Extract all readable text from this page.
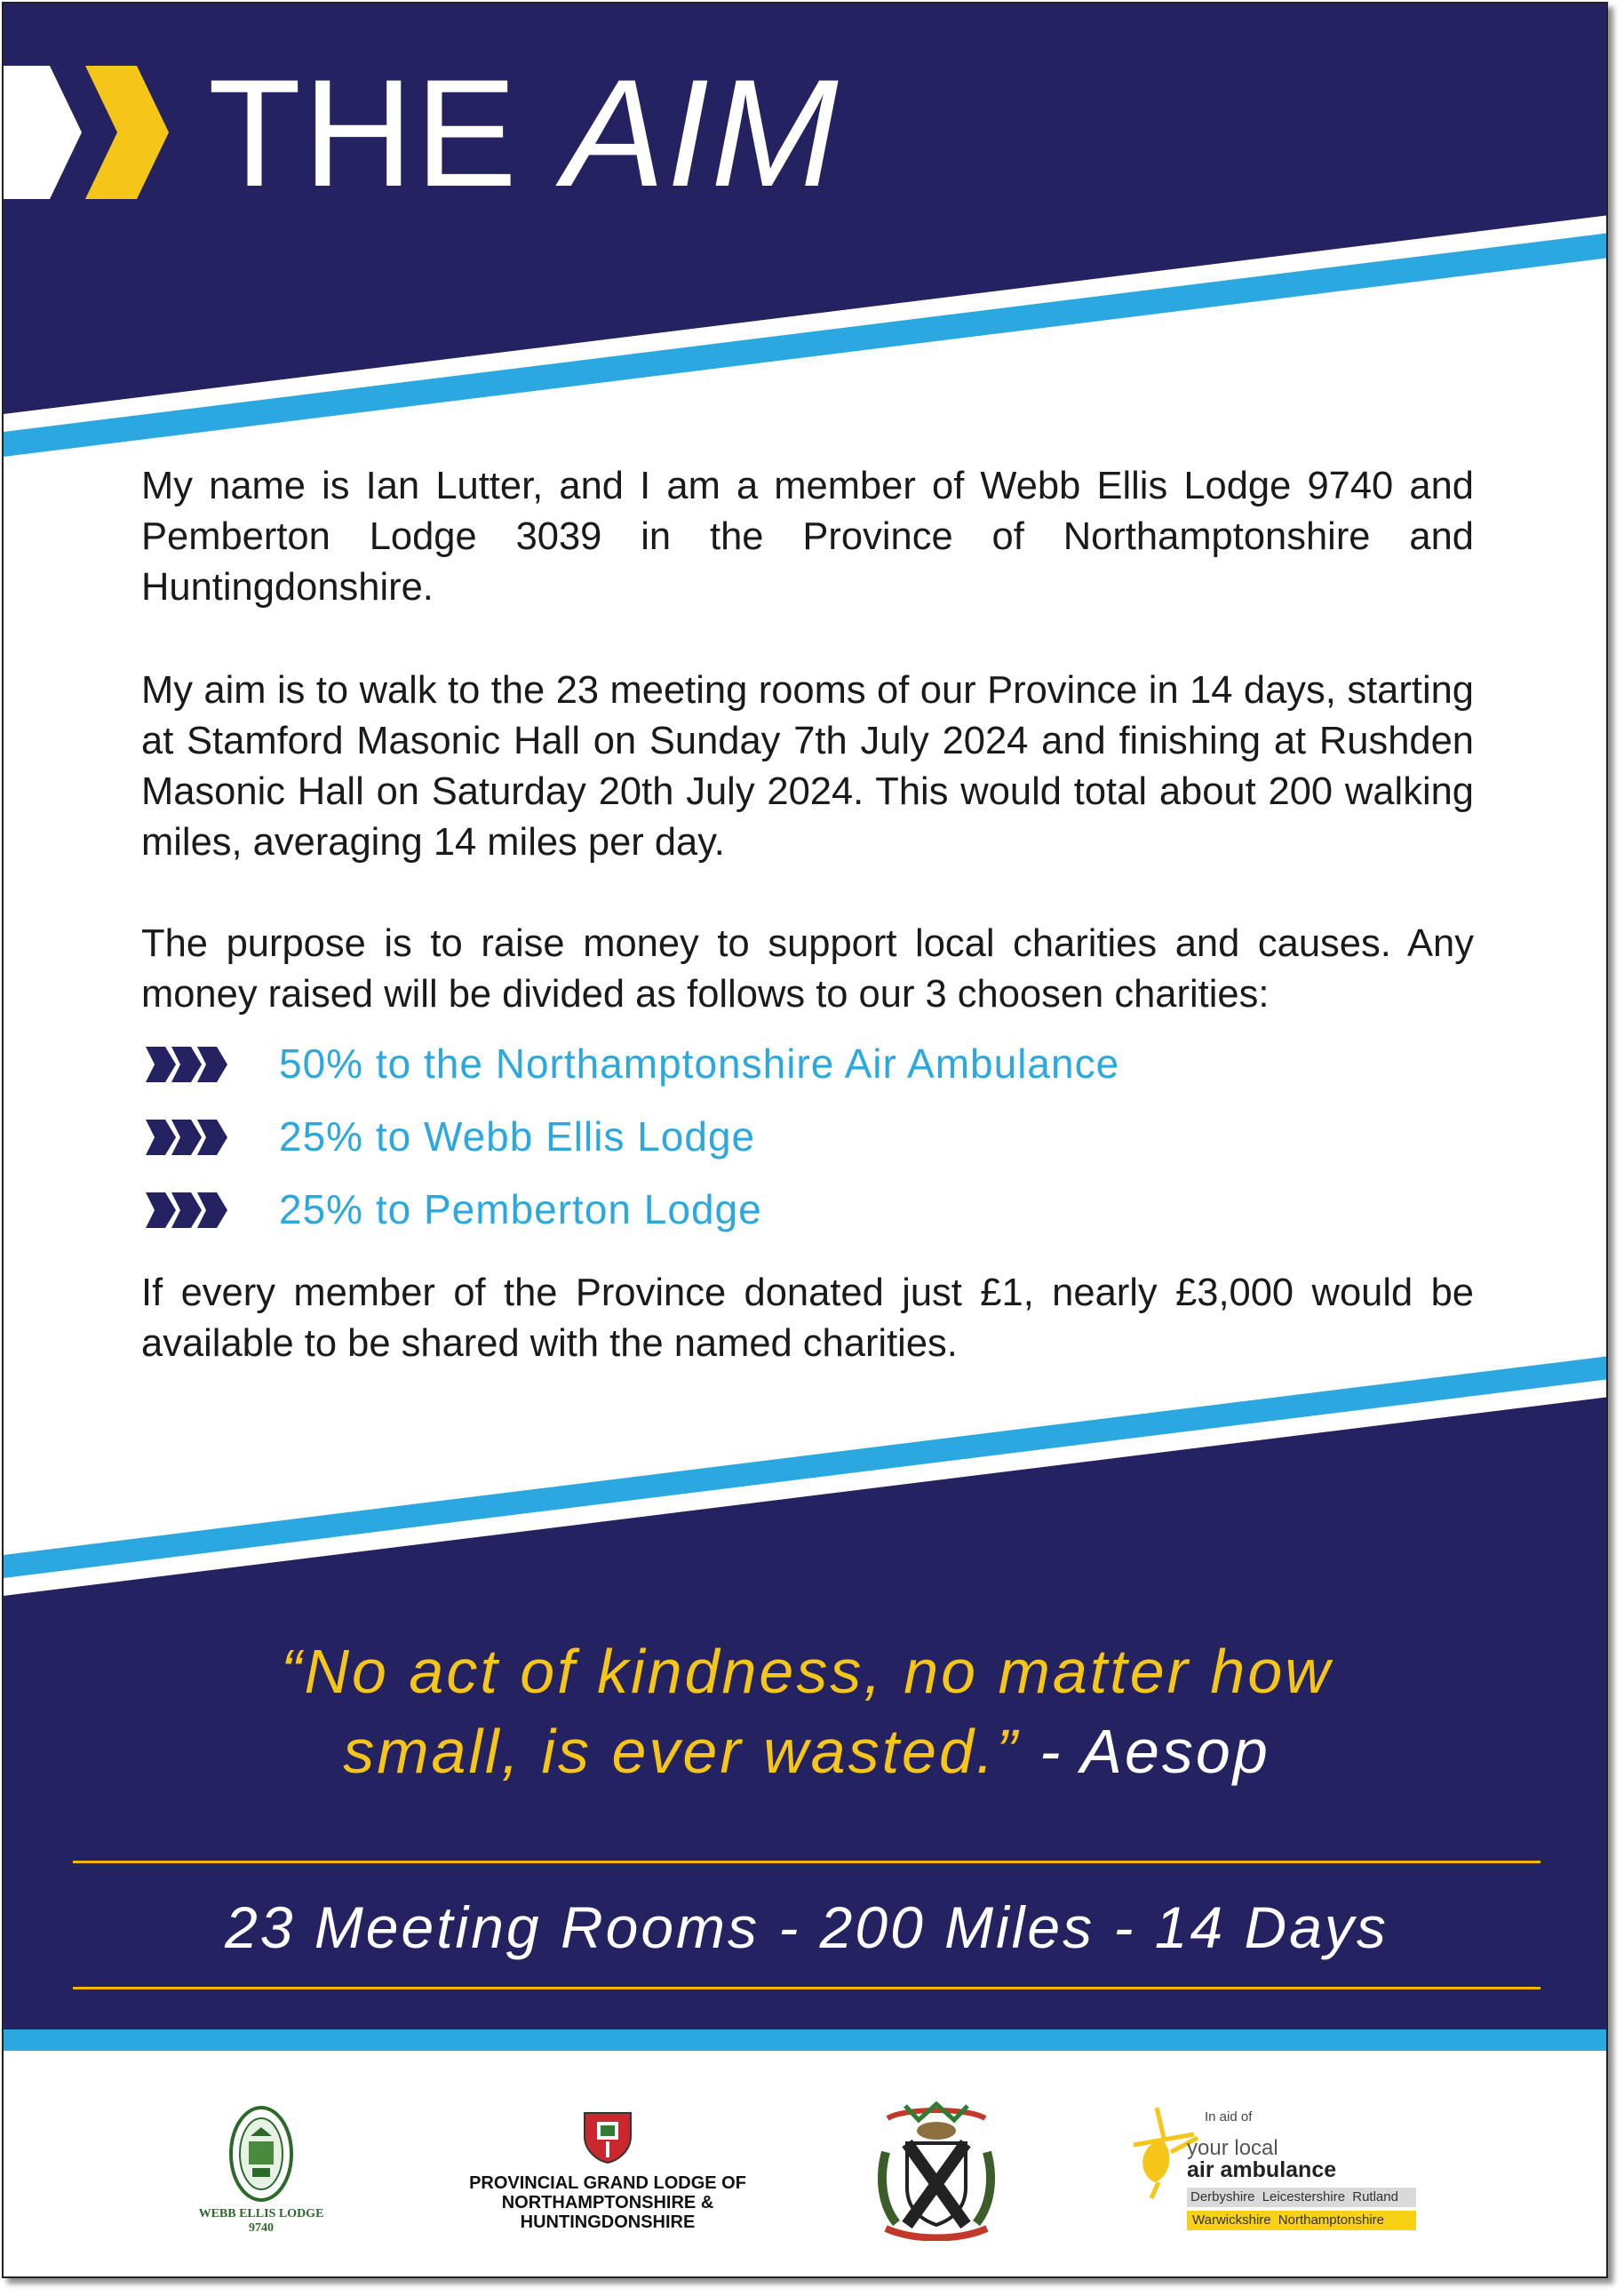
THE AIM

My name is Ian Lutter, and I am a member of Webb Ellis Lodge 9740 and Pemberton Lodge 3039 in the Province of Northamptonshire and Huntingdonshire.

My aim is to walk to the 23 meeting rooms of our Province in 14 days, starting at Stamford Masonic Hall on Sunday 7th July 2024 and finishing at Rushden Masonic Hall on Saturday 20th July 2024. This would total about 200 walking miles, averaging 14 miles per day.

The purpose is to raise money to support local charities and causes. Any money raised will be divided as follows to our 3 choosen charities:

50% to the Northamptonshire Air Ambulance
25% to Webb Ellis Lodge
25% to Pemberton Lodge

If every member of the Province donated just £1, nearly £3,000 would be available to be shared with the named charities.

“No act of kindness, no matter how
small, is ever wasted.” - Aesop
23 Meeting Rooms - 200 Miles - 14 Days
WEBB ELLIS LODGE
9740
PROVINCIAL GRAND LODGE OF NORTHAMPTONSHIRE & HUNTINGDONSHIRE
In aid of
your local
air ambulance
Derbyshire Leicestershire Rutland
Warwickshire Northamptonshire
